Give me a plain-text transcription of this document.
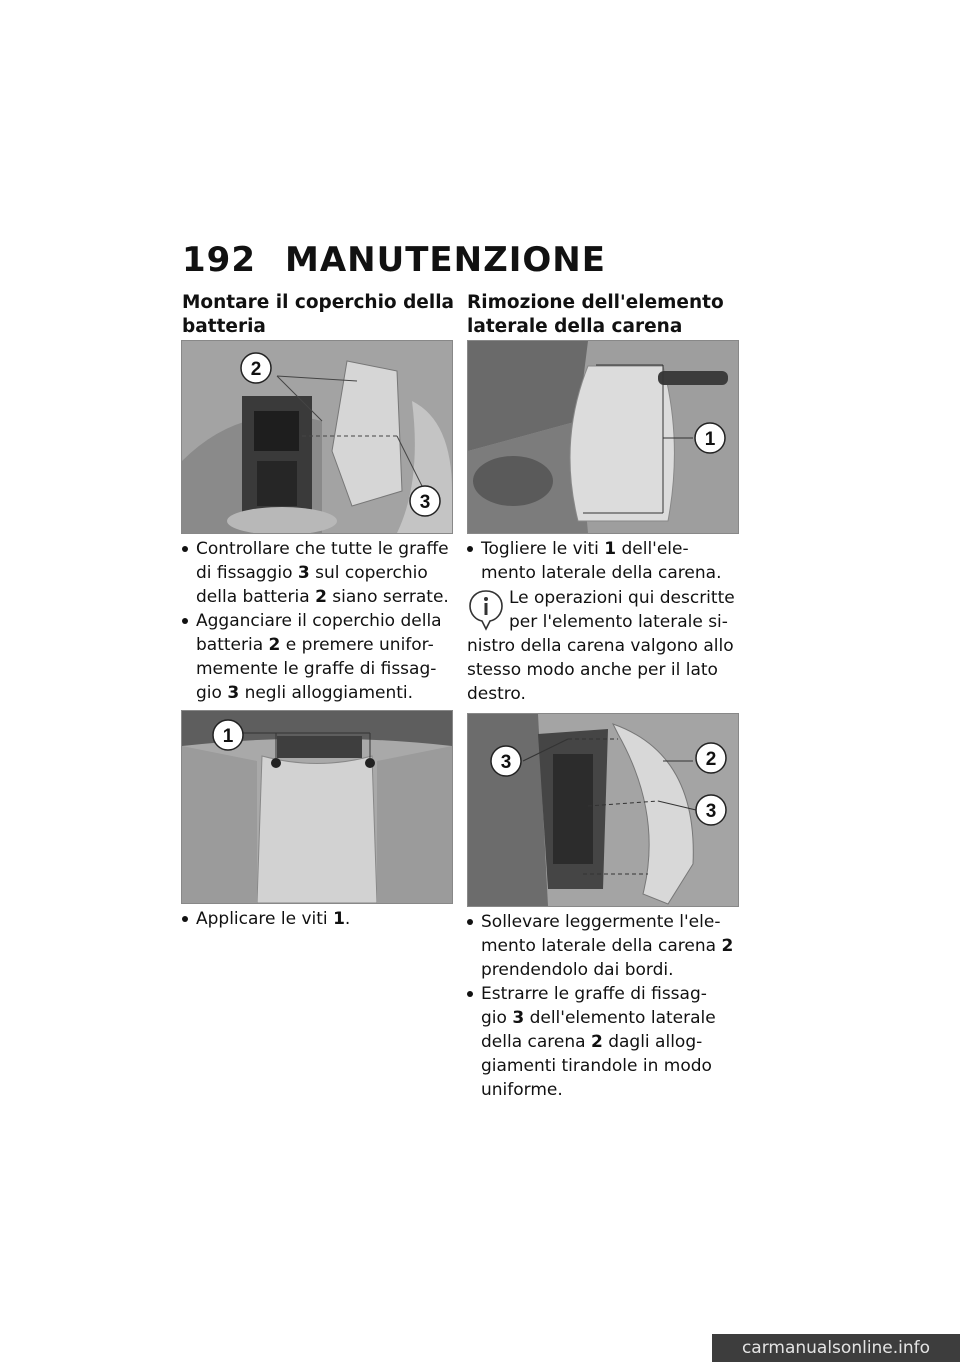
192 MANUTENZIONE
Montare il coperchio della
batteria
2
3
Controllare che tutte le graffe
di fissaggio 3 sul coperchio
della batteria 2 siano serrate.
Agganciare il coperchio della
batteria 2 e premere unifor-
memente le graffe di fissag-
gio 3 negli alloggiamenti.
1
Applicare le viti 1.
Rimozione dell'elemento
laterale della carena
1
Togliere le viti 1 dell'ele-
mento laterale della carena.
Le operazioni qui descritte
per l'elemento laterale si-
nistro della carena valgono allo
stesso modo anche per il lato
destro.
3	2
3
Sollevare leggermente l'ele-
mento laterale della carena 2
prendendolo dai bordi.
Estrarre le graffe di fissag-
gio 3 dell'elemento laterale
della carena 2 dagli allog-
giamenti tirandole in modo
uniforme.
carmanualsonline.info
